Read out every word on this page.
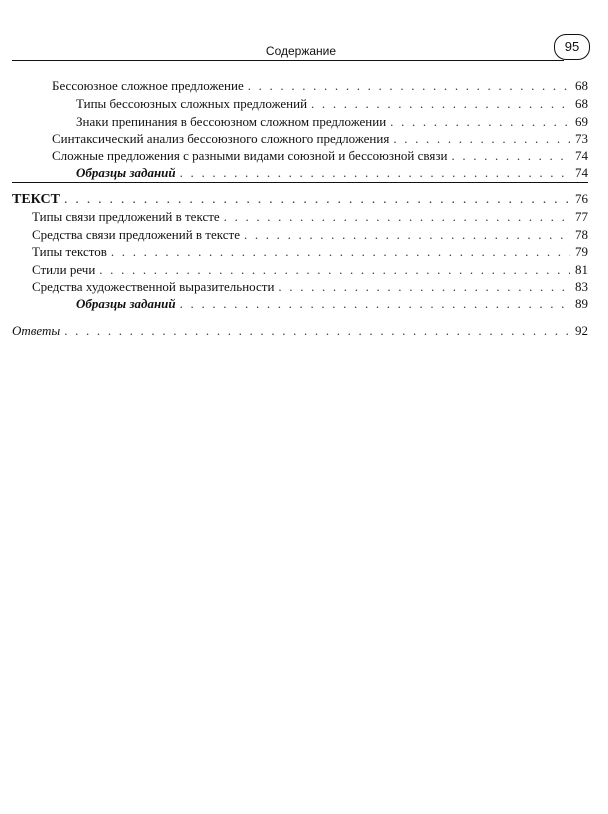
Содержание	95
Бессоюзное сложное предложение . . .	68
Типы бессоюзных сложных предложений . . .	68
Знаки препинания в бессоюзном сложном предложении . . .	69
Синтаксический анализ бессоюзного сложного предложения . . .	73
Сложные предложения с разными видами союзной и бессоюзной связи . . .	74
Образцы заданий . . .	74
ТЕКСТ . . .	76
Типы связи предложений в тексте . . .	77
Средства связи предложений в тексте . . .	78
Типы текстов . . .	79
Стили речи . . .	81
Средства художественной выразительности . . .	83
Образцы заданий . . .	89
Ответы . . .	92
